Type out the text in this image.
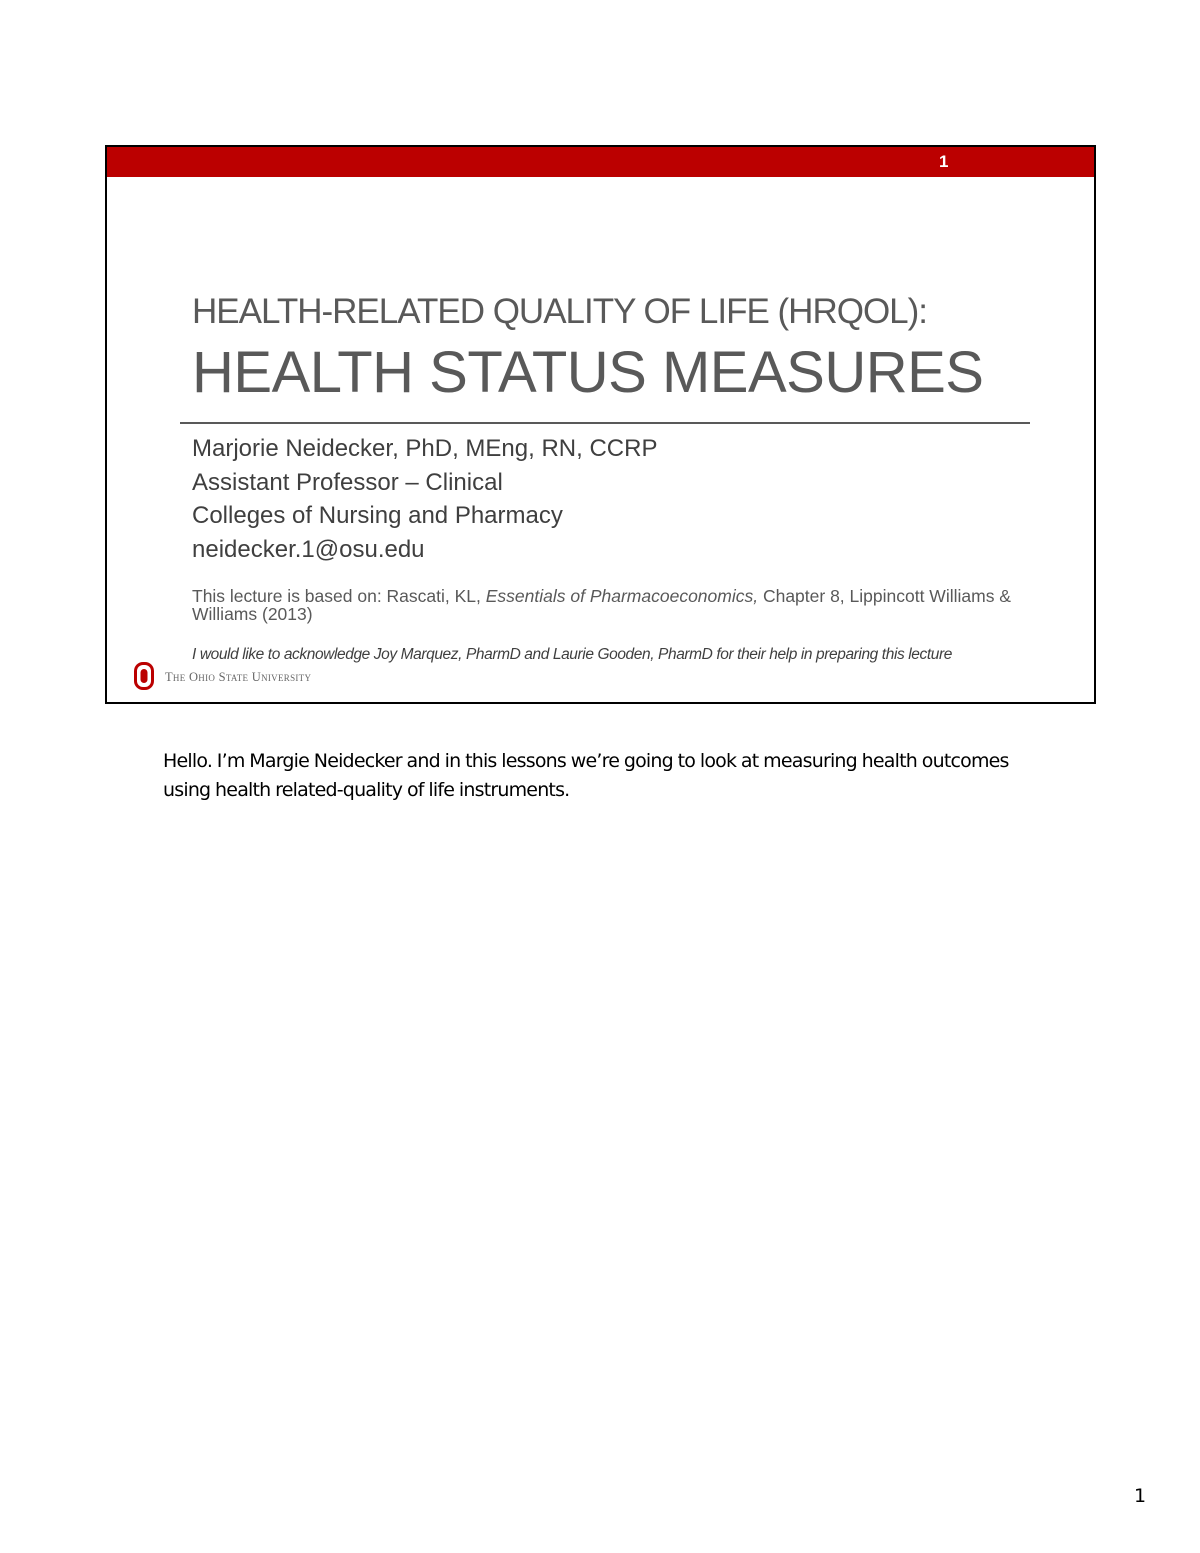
1
HEALTH-RELATED QUALITY OF LIFE (HRQOL):
HEALTH STATUS MEASURES
Marjorie Neidecker, PhD, MEng, RN, CCRP
Assistant Professor – Clinical
Colleges of Nursing and Pharmacy
neidecker.1@osu.edu
This lecture is based on: Rascati, KL, Essentials of Pharmacoeconomics, Chapter 8, Lippincott Williams & Williams (2013)
I would like to acknowledge Joy Marquez, PharmD and Laurie Gooden, PharmD for their help in preparing this lecture
The Ohio State University
Hello. I’m Margie Neidecker and in this lessons we’re going to look at measuring health outcomes using health related-quality of life instruments.
1
